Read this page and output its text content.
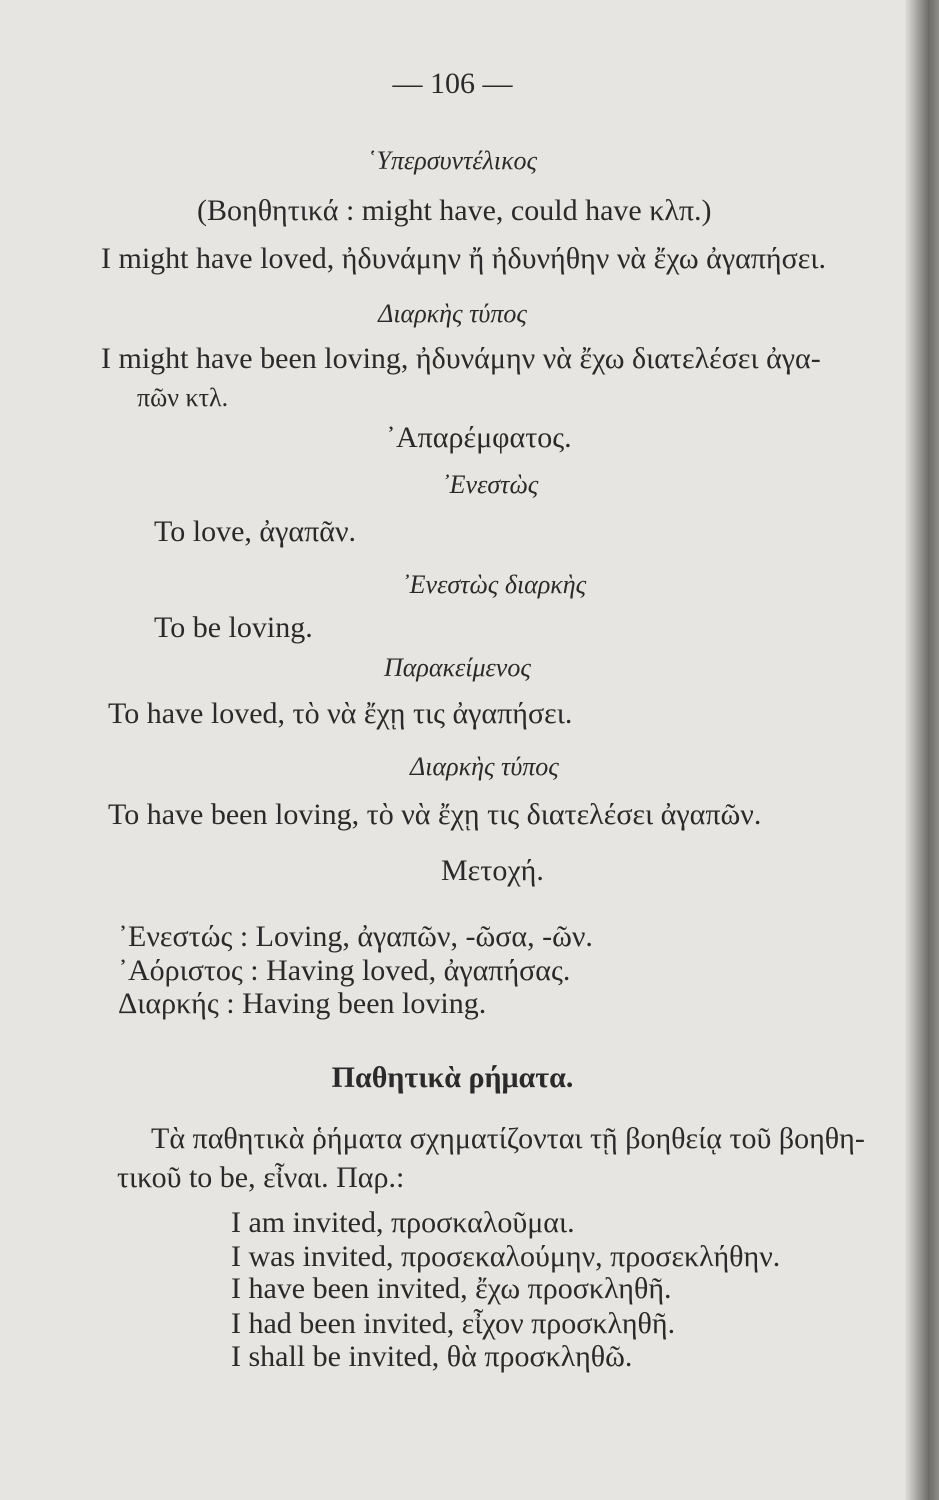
— 106 —
῾Υπερσυντέλικος
(Βοηθητικά : might have, could have κλπ.)
I might have loved, ἠδυνάμην ἤ ἠδυνήθην νὰ ἔχω ἀγαπήσει.
Διαρκὴς τύπος
I might have been loving, ἠδυνάμην νὰ ἔχω διατελέσει ἀγα-
πῶν κτλ.
᾽Απαρέμφατος.
᾽Ενεστὼς
To love, ἀγαπᾶν.
᾽Ενεστὼς διαρκὴς
To be loving.
Παρακείμενος
To have loved, τὸ νὰ ἔχῃ τις ἀγαπήσει.
Διαρκὴς τύπος
To have been loving, τὸ νὰ ἔχῃ τις διατελέσει ἀγαπῶν.
Μετοχή.
᾽Ενεστώς : Loving, ἀγαπῶν, -ῶσα, -ῶν.
᾽Αόριστος : Having loved, ἀγαπήσας.
Διαρκής : Having been loving.
Παθητικὰ ρήματα.
Τὰ παθητικὰ ῥήματα σχηματίζονται τῇ βοηθείᾳ τοῦ βοηθη-
τικοῦ to be, εἶναι. Παρ.:
I am invited, προσκαλοῦμαι.
I was invited, προσεκαλούμην, προσεκλήθην.
I have been invited, ἔχω προσκληθῆ.
I had been invited, εἶχον προσκληθῆ.
I shall be invited, θὰ προσκληθῶ.
